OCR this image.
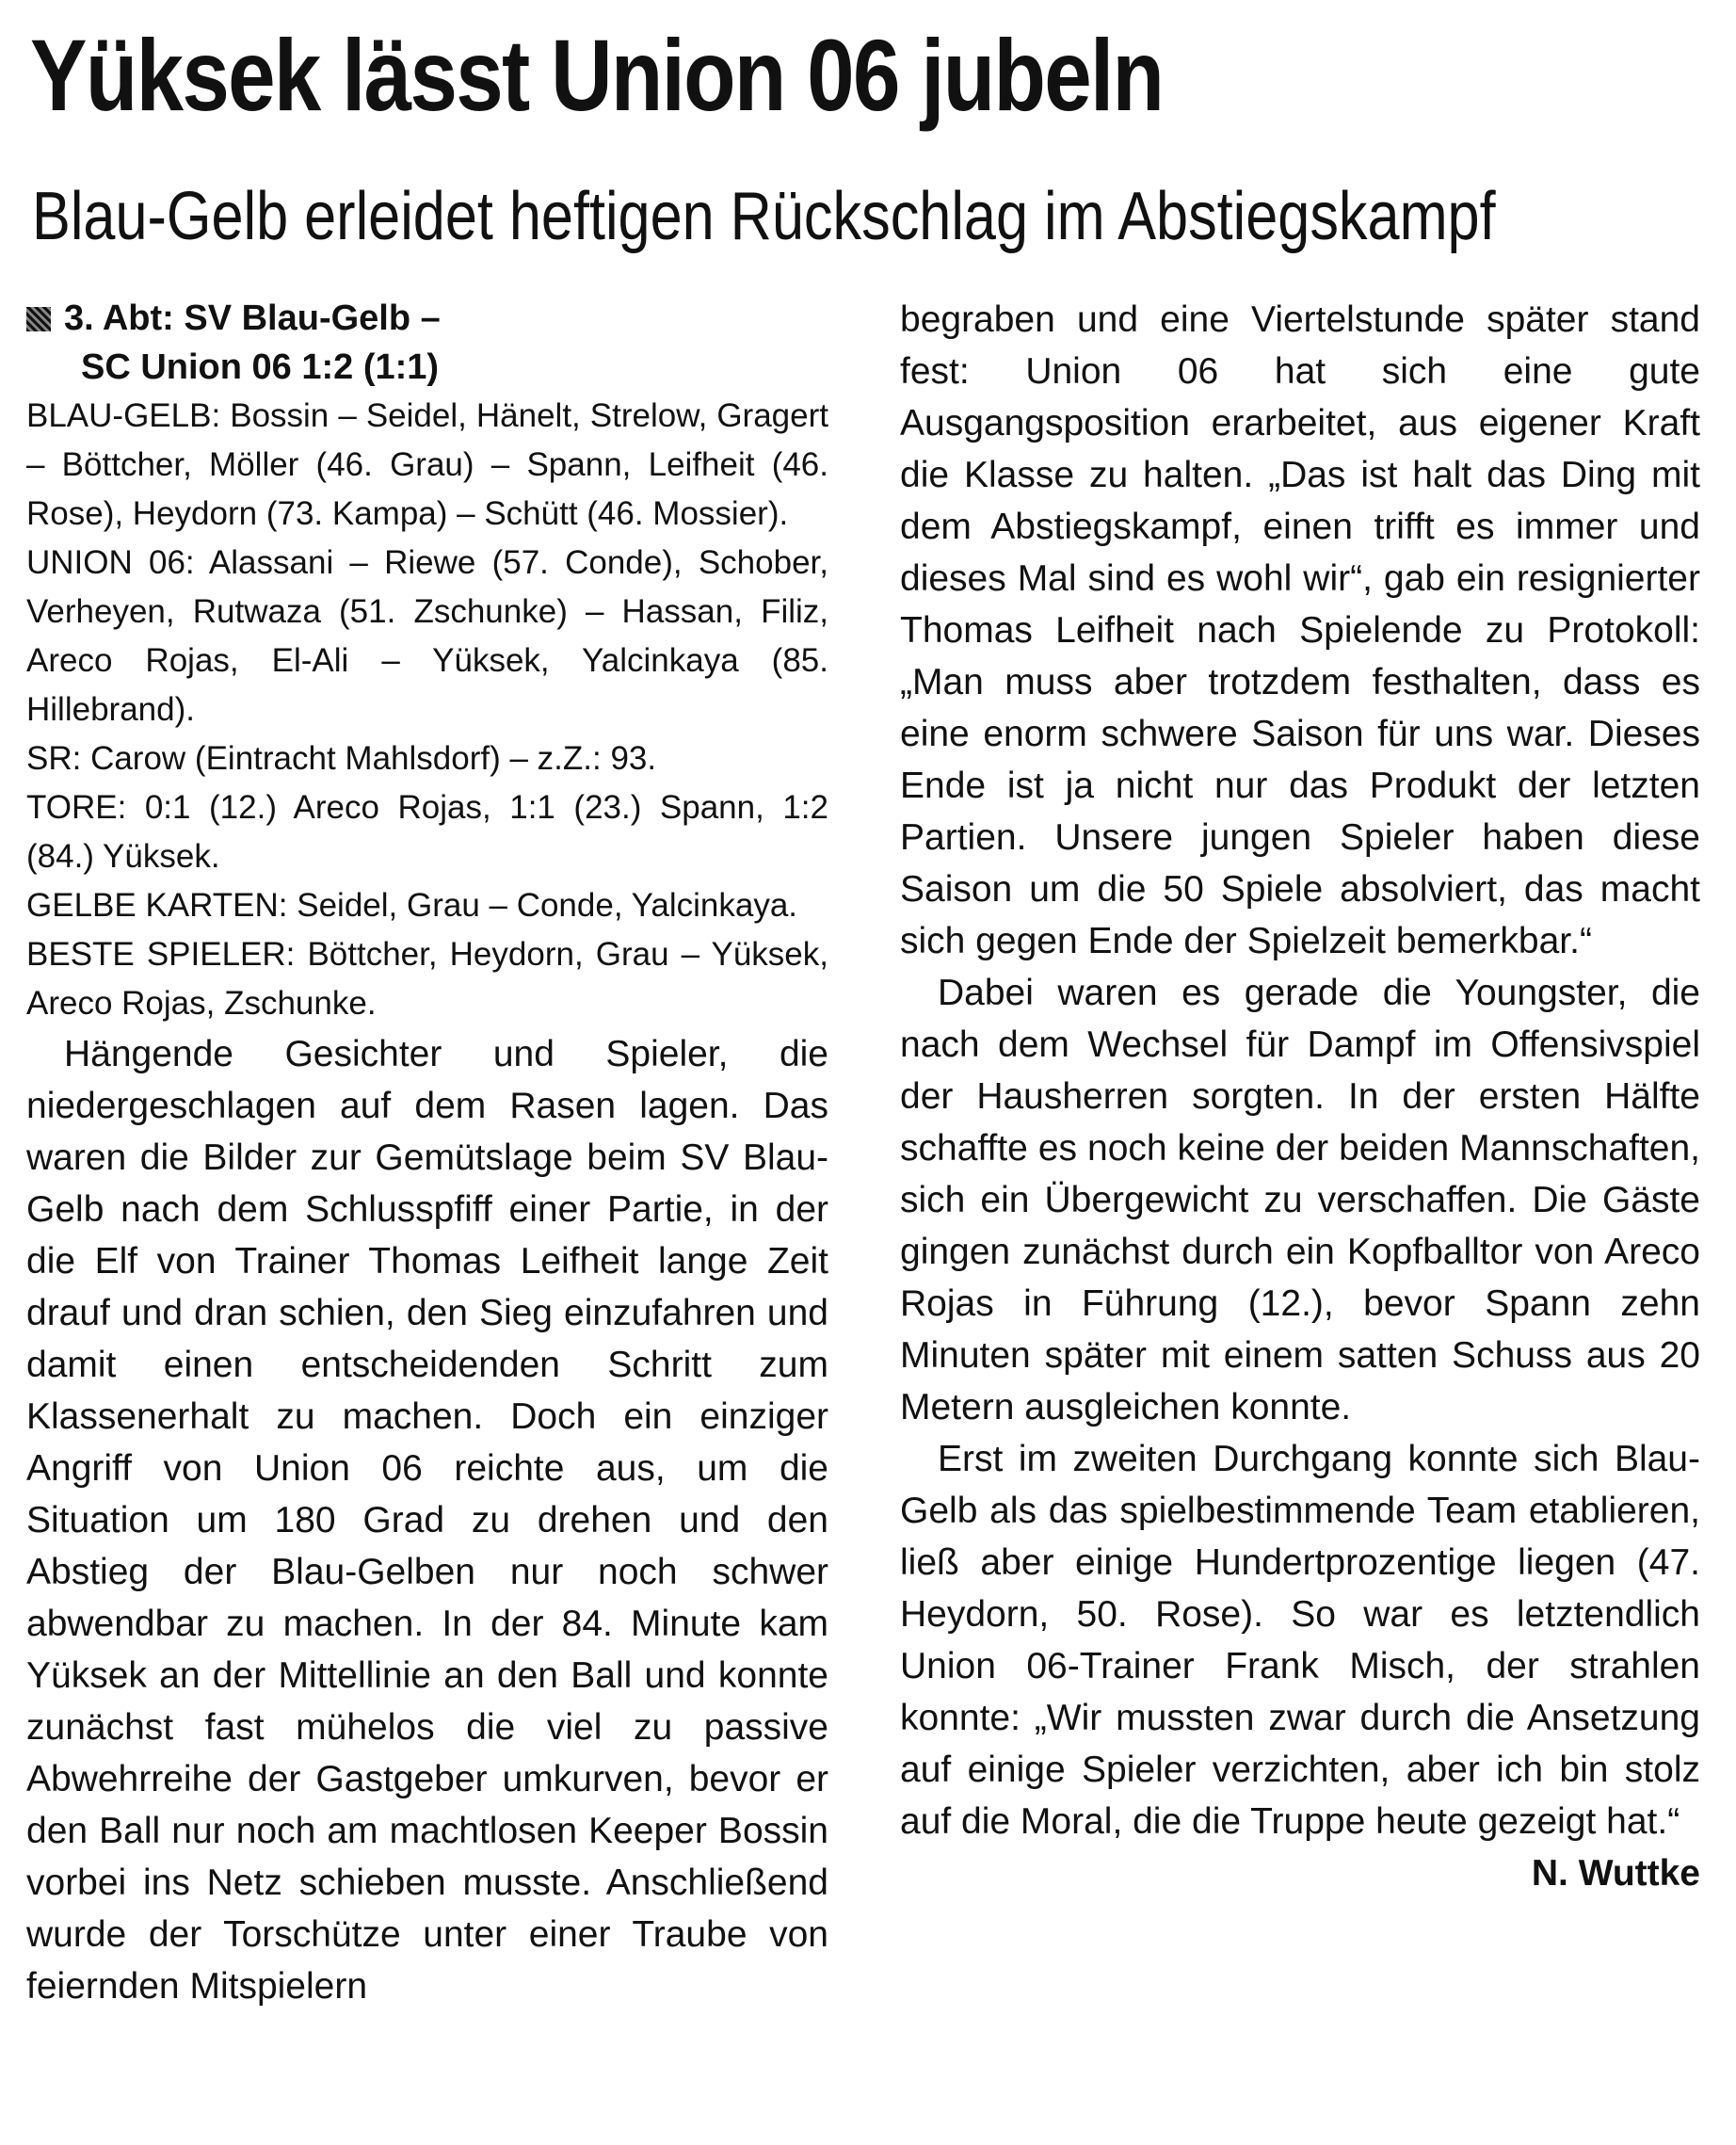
Yüksek lässt Union 06 jubeln
Blau-Gelb erleidet heftigen Rückschlag im Abstiegskampf

3. Abt: SV Blau-Gelb –
SC Union 06 1:2 (1:1)

BLAU-GELB: Bossin – Seidel, Hänelt, Strelow, Gragert – Böttcher, Möller (46. Grau) – Spann, Leifheit (46. Rose), Heydorn (73. Kampa) – Schütt (46. Mossier).
UNION 06: Alassani – Riewe (57. Conde), Schober, Verheyen, Rutwaza (51. Zschunke) – Hassan, Filiz, Areco Rojas, El-Ali – Yüksek, Yalcinkaya (85. Hillebrand).
SR: Carow (Eintracht Mahlsdorf) – z.Z.: 93.
TORE: 0:1 (12.) Areco Rojas, 1:1 (23.) Spann, 1:2 (84.) Yüksek.
GELBE KARTEN: Seidel, Grau – Conde, Yalcinkaya.
BESTE SPIELER: Böttcher, Heydorn, Grau – Yüksek, Areco Rojas, Zschunke.

Hängende Gesichter und Spieler, die niedergeschlagen auf dem Rasen lagen. Das waren die Bilder zur Gemütslage beim SV Blau-Gelb nach dem Schlusspfiff einer Partie, in der die Elf von Trainer Thomas Leifheit lange Zeit drauf und dran schien, den Sieg einzufahren und damit einen entscheidenden Schritt zum Klassenerhalt zu machen. Doch ein einziger Angriff von Union 06 reichte aus, um die Situation um 180 Grad zu drehen und den Abstieg der Blau-Gelben nur noch schwer abwendbar zu machen. In der 84. Minute kam Yüksek an der Mittellinie an den Ball und konnte zunächst fast mühelos die viel zu passive Abwehrreihe der Gastgeber umkurven, bevor er den Ball nur noch am machtlosen Keeper Bossin vorbei ins Netz schieben musste. Anschließend wurde der Torschütze unter einer Traube von feiernden Mitspielern

begraben und eine Viertelstunde später stand fest: Union 06 hat sich eine gute Ausgangsposition erarbeitet, aus eigener Kraft die Klasse zu halten. „Das ist halt das Ding mit dem Abstiegskampf, einen trifft es immer und dieses Mal sind es wohl wir“, gab ein resignierter Thomas Leifheit nach Spielende zu Protokoll: „Man muss aber trotzdem festhalten, dass es eine enorm schwere Saison für uns war. Dieses Ende ist ja nicht nur das Produkt der letzten Partien. Unsere jungen Spieler haben diese Saison um die 50 Spiele absolviert, das macht sich gegen Ende der Spielzeit bemerkbar.“

Dabei waren es gerade die Youngster, die nach dem Wechsel für Dampf im Offensivspiel der Hausherren sorgten. In der ersten Hälfte schaffte es noch keine der beiden Mannschaften, sich ein Übergewicht zu verschaffen. Die Gäste gingen zunächst durch ein Kopfballtor von Areco Rojas in Führung (12.), bevor Spann zehn Minuten später mit einem satten Schuss aus 20 Metern ausgleichen konnte.

Erst im zweiten Durchgang konnte sich Blau-Gelb als das spielbestimmende Team etablieren, ließ aber einige Hundertprozentige liegen (47. Heydorn, 50. Rose). So war es letztendlich Union 06-Trainer Frank Misch, der strahlen konnte: „Wir mussten zwar durch die Ansetzung auf einige Spieler verzichten, aber ich bin stolz auf die Moral, die die Truppe heute gezeigt hat.“
N. Wuttke
